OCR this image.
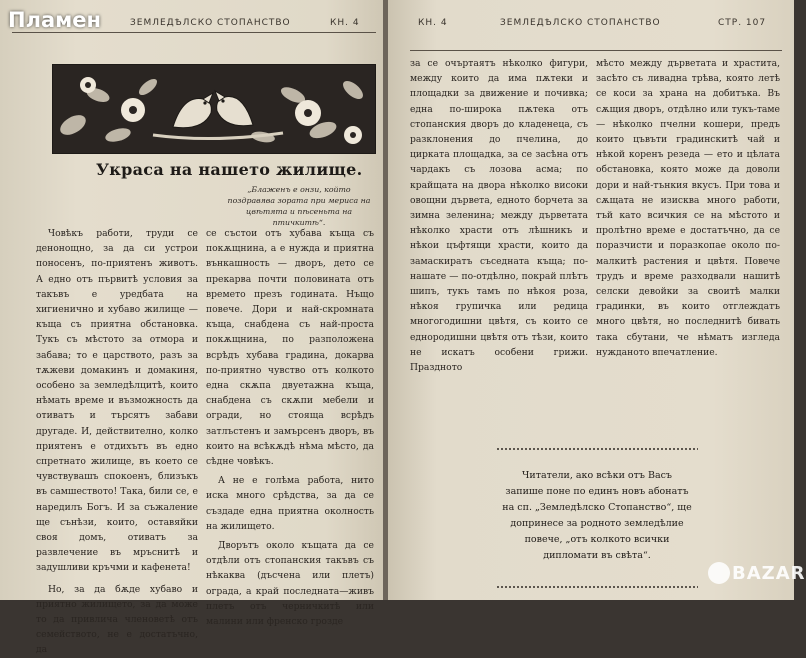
ЗЕМЛЕДѢЛСКО СТОПАНСТВО	КН. 4
Украса на нашето жилище.
„Блаженъ е онзи, който поздравява зората при мериса на цвѣтята и пѣсеньта на птичкитѣ“.

Човѣкъ работи, труди се денонощно, за да си устрои поносенъ, по-приятенъ животъ. А едно отъ първитѣ условия за такъвъ е уредбата на хигиенично и хубаво жилище — къща съ приятна обстановка. Тукъ съ мѣстото за отмора и забава; то е царството, разъ за тѫжеви домакинъ и домакиня, особено за земледѣлцитѣ, които нѣмать време и възможность да отиватъ и търсятъ забави другаде. И, действително, колко приятенъ е отдихътъ въ едно спретнато жилище, въ което се чувствувашъ спокоенъ, близъкъ въ самшеството! Така, били се, е наредилъ Богъ. И за съжаление ще сънѣзи, които, оставяйки своя домъ, отиватъ за развлечение въ мръснитѣ и задушливи кръчми и кафенета!

Но, за да бѫде хубаво и приятно жилището, за да може то да привлича членоветѣ отъ семейството, не е достатъчно, да

се състои отъ хубава къща съ покѫщнина, а е нужда и приятна вънкашность — дворъ, дето се прекарва почти половината отъ времето презъ годината. Нъщо повече. Дори и най-скромната къща, снабдена съ най-проста покѫщнина, по разположена всрѣдъ хубава градина, докарва по-приятно чувство отъ колкото една скѫпа двуетажна къща, снабдена съ скѫпи мебели и огради, но стояща всрѣдъ затлъстенъ и замърсенъ дворъ, въ които на всѣкѫдѣ нѣма мѣсто, да сѣдне човѣкъ.

А не е голѣма работа, нито иска много срѣдства, за да се създаде една приятна околность на жилището.

Дворътъ около къщата да се отдѣли отъ стопанския такъвъ съ нѣкаква (дъсчена или плетъ) ограда, а край последната—живъ плетъ отъ черничкитѣ или малини или френско грозде

Пламен	КН. 4	ЗЕМЛЕДѢЛСКО СТОПАНСТВО	СТР. 107

за се очъртаятъ нѣколко фигури, между които да има пѫтеки и площадки за движение и почивка; една по-широка пѫтека отъ стопанския дворъ до кладенеца, съ разклонения до пчелина, до цирката площадка, за се засѣна отъ чардакъ съ лозова асма; по крайщата на двора нѣколко високи овощни дървета, едното борчета за зимна зеленина; между дърветата нѣколко храсти отъ лѣшникъ и нѣкои цъфтящи храсти, които да замаскиратъ съседната къща; по-нашате — по-отдѣлно, покрай плѣтъ шипъ, тукъ тамъ по нѣкоя роза, нѣкоя групичка или редица многогодишни цвѣтя, съ които се еднородишни цвѣтя отъ тѣзи, които не искатъ особени грижи. Праздното

мѣсто между дърветата и храстита, засѣто съ ливадна трѣва, която летѣ се коси за храна на добитъка. Въ сѫщия дворъ, отдѣлно или тукъ-таме — нѣколко пчелни кошери, предъ които цъвъти градинскитѣ чай и нѣкой коренъ резеда — ето и цѣлата обстановка, която може да доволи дори и най-тънкия вкусъ. При това и сѫщата не изисква много работи, тъй като всичкия се на мѣстото и пролѣтно време е достатъчно, да се поразчисти и поразкопае около по-малкитѣ растения и цвѣтя. Повече трудъ и време разходвали нашитѣ селски девойки за своитѣ малки градинки, въ които отглеждатъ много цвѣтя, но последнитѣ бивать така сбутани, че нѣматъ изгледа нужданото впечатление.

Читатели, ако всѣки отъ Васъ запише поне по единъ новъ абонатъ на сп. „Земледѣлско Стопанство“, ще допринесе за родното земледѣлие повече, „отъ колкото всички дипломати въ свѣта“.
BAZAR
